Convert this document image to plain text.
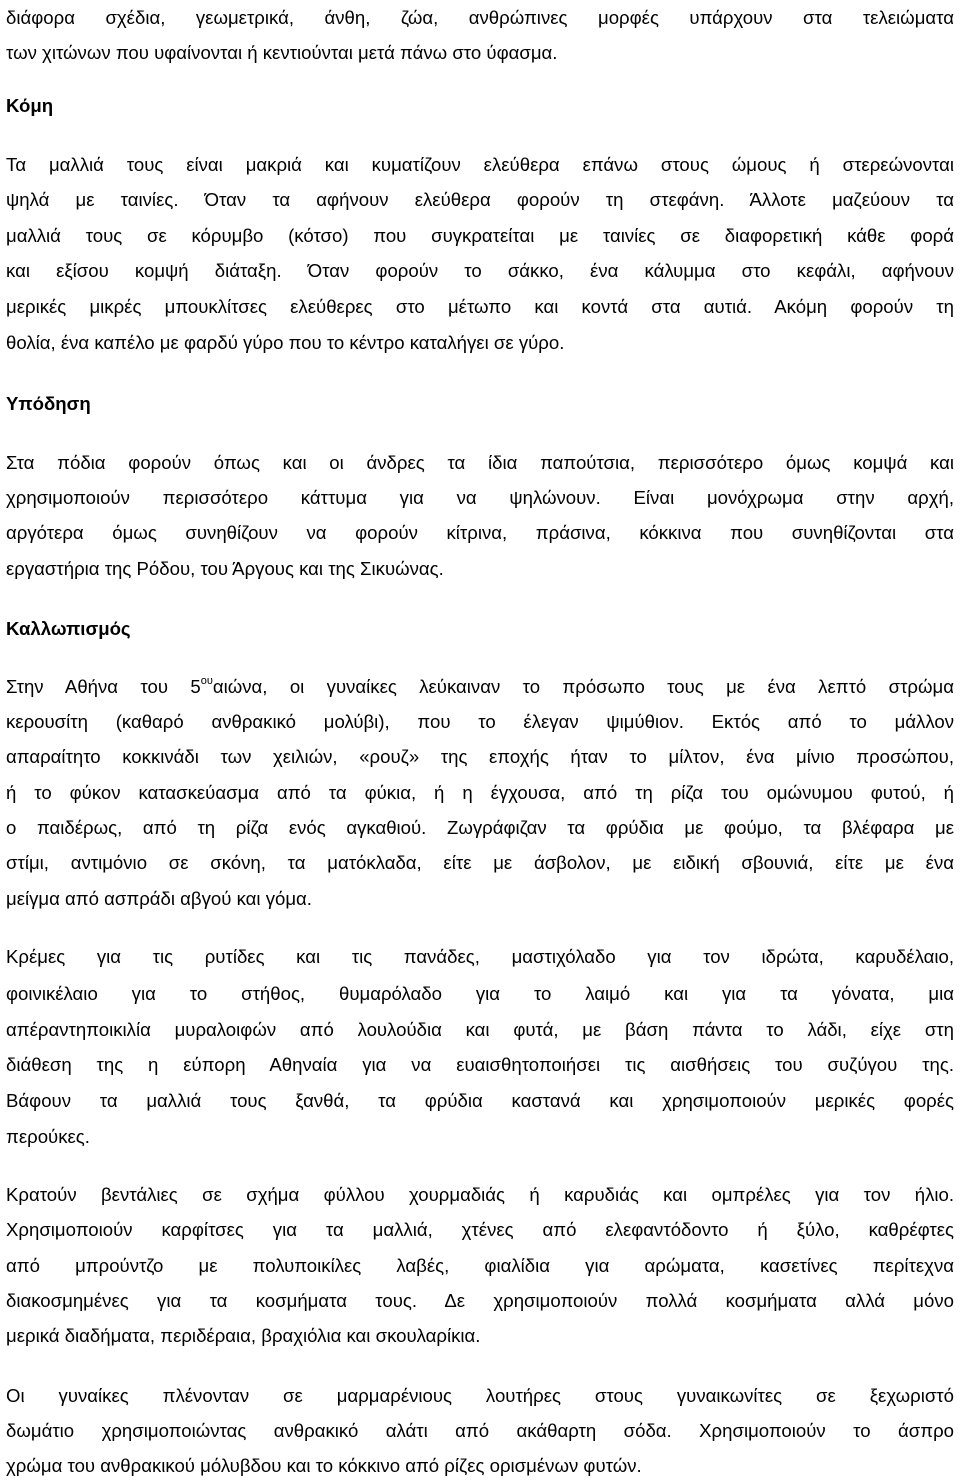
διάφορα σχέδια, γεωμετρικά, άνθη, ζώα, ανθρώπινες μορφές υπάρχουν στα τελειώματα

των χιτώνων που υφαίνονται ή κεντιούνται μετά πάνω στο ύφασμα.

Κόμη

Τα μαλλιά τους είναι μακριά και κυματίζουν ελεύθερα επάνω στους ώμους ή στερεώνονται

ψηλά με ταινίες. Όταν τα αφήνουν ελεύθερα φορούν τη στεφάνη. Άλλοτε μαζεύουν τα

μαλλιά τους σε κόρυμβο (κότσο) που συγκρατείται με ταινίες σε διαφορετική κάθε φορά

και εξίσου κομψή διάταξη. Όταν φορούν το σάκκο, ένα κάλυμμα στο κεφάλι, αφήνουν

μερικές μικρές μπουκλίτσες ελεύθερες στο μέτωπο και κοντά στα αυτιά. Ακόμη φορούν τη

θολία, ένα καπέλο με φαρδύ γύρο που το κέντρο καταλήγει σε γύρο.

Υπόδηση

Στα πόδια φορούν όπως και οι άνδρες τα ίδια παπούτσια, περισσότερο όμως κομψά και

χρησιμοποιούν περισσότερο κάττυμα για να ψηλώνουν. Είναι μονόχρωμα στην αρχή,

αργότερα όμως συνηθίζουν να φορούν κίτρινα, πράσινα, κόκκινα που συνηθίζονται στα

εργαστήρια της Ρόδου, του Άργους και της Σικυώνας.

Καλλωπισμός

Στην Αθήνα του $5^{o\upsilon}\alpha\iota ώ\nu\alpha$, οι γυναίκες λεύκαιναν το πρόσωπο τους με ένα λεπτό στρώμα

κερουσίτη (καθαρό ανθρακικό μολύβι), που το έλεγαν ψιμύθιον. Εκτός από το μάλλον

απαραίτητο κοκκινάδι των χειλιών, «ρουζ» της εποχής ήταν το μίλτον, ένα μίνιο προσώπου,

ή το φύκον κατασκεύασμα από τα φύκια, ή η έγχουσα, από τη ρίζα του ομώνυμου φυτού, ή

ο παιδέρως, από τη ρίζα ενός αγκαθιού. Ζωγράφιζαν τα φρύδια με φούμο, τα βλέφαρα με

στίμι, αντιμόνιο σε σκόνη, τα ματόκλαδα, είτε με άσβολον, με ειδική σβουνιά, είτε με ένα

μείγμα από ασπράδι αβγού και γόμα.

Κρέμες για τις ρυτίδες και τις πανάδες, μαστιχόλαδο για τον ιδρώτα, καρυδέλαιο,

φοινικέλαιο για το στήθος, θυμαρόλαδο για το λαιμό και για τα γόνατα, μια

απέραντηποικιλία μυραλοιφών από λουλούδια και φυτά, με βάση πάντα το λάδι, είχε στη

διάθεση της η εύπορη Αθηναία για να ευαισθητοποιήσει τις αισθήσεις του συζύγου της.

Βάφουν τα μαλλιά τους ξανθά, τα φρύδια καστανά και χρησιμοποιούν μερικές φορές

περούκες.

Κρατούν βεντάλιες σε σχήμα φύλλου χουρμαδιάς ή καρυδιάς και ομπρέλες για τον ήλιο.

Χρησιμοποιούν καρφίτσες για τα μαλλιά, χτένες από ελεφαντόδοντο ή ξύλο, καθρέφτες

από μπρούντζο με πολυποικίλες λαβές, φιαλίδια για αρώματα, κασετίνες περίτεχνα

διακοσμημένες για τα κοσμήματα τους. Δε χρησιμοποιούν πολλά κοσμήματα αλλά μόνο

μερικά διαδήματα, περιδέραια, βραχιόλια και σκουλαρίκια.

Οι γυναίκες πλένονταν σε μαρμαρένιους λουτήρες στους γυναικωνίτες σε ξεχωριστό

δωμάτιο χρησιμοποιώντας ανθρακικό αλάτι από ακάθαρτη σόδα. Χρησιμοποιούν το άσπρο

χρώμα του ανθρακικού μόλυβδου και το κόκκινο από ρίζες ορισμένων φυτών.
